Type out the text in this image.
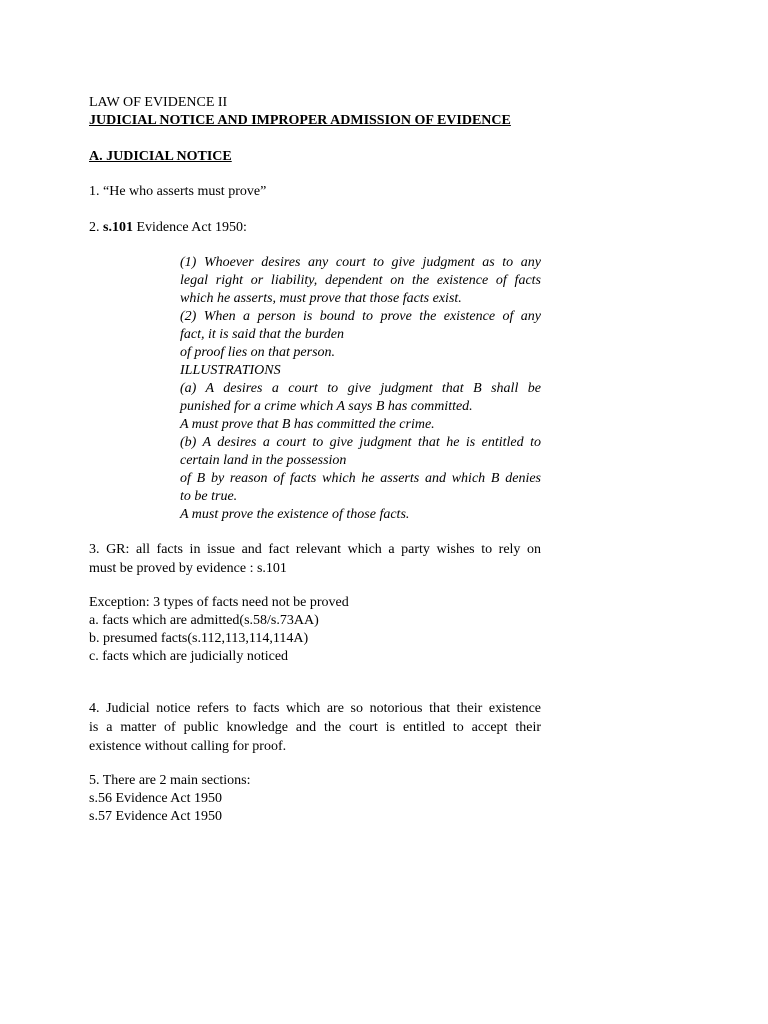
LAW OF EVIDENCE II
JUDICIAL NOTICE AND IMPROPER ADMISSION OF EVIDENCE
A. JUDICIAL NOTICE
1. “He who asserts must prove”
2. s.101 Evidence Act 1950:
(1) Whoever desires any court to give judgment as to any
legal right or liability, dependent on the existence of facts
which he asserts, must prove that those facts exist.
(2) When a person is bound to prove the existence of any
fact, it is said that the burden
of proof lies on that person.
ILLUSTRATIONS
(a) A desires a court to give judgment that B shall be
punished for a crime which A says B has committed.
A must prove that B has committed the crime.
(b) A desires a court to give judgment that he is entitled to
certain land in the possession
of B by reason of facts which he asserts and which B denies
to be true.
A must prove the existence of those facts.
3. GR: all facts in issue and fact relevant which a party wishes to rely on
must be proved by evidence : s.101
Exception: 3 types of facts need not be proved
a. facts which are admitted(s.58/s.73AA)
b. presumed facts(s.112,113,114,114A)
c. facts which are judicially noticed
4. Judicial notice refers to facts which are so notorious that their existence
is a matter of public knowledge and the court is entitled to accept their
existence without calling for proof.
5. There are 2 main sections:
s.56 Evidence Act 1950
s.57 Evidence Act 1950
